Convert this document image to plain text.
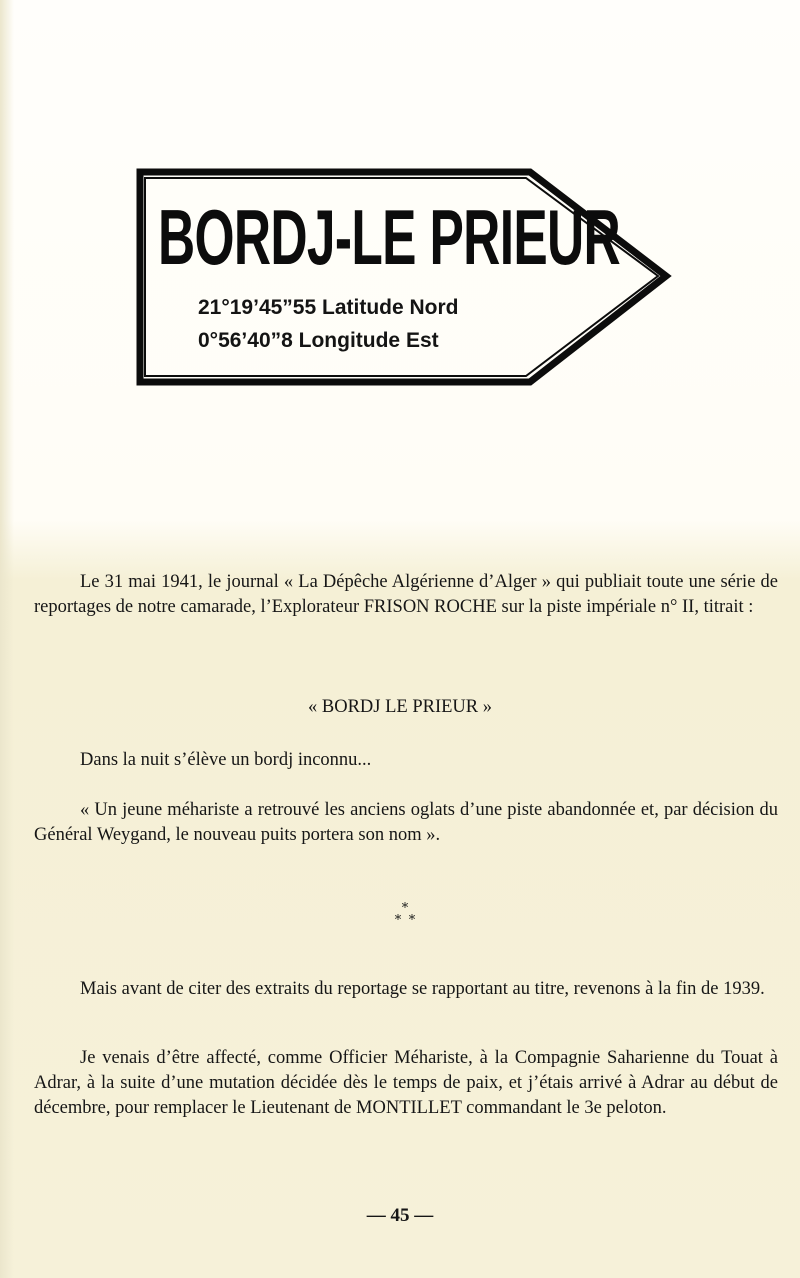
BORDJ-LE PRIEUR
21°19’45”55 Latitude Nord
0°56’40”8 Longitude Est

Le 31 mai 1941, le journal « La Dépêche Algérienne d’Alger » qui publiait toute une série de reportages de notre camarade, l’Explorateur FRISON ROCHE sur la piste impériale n° II, titrait :

« BORDJ LE PRIEUR »

Dans la nuit s’élève un bordj inconnu...

« Un jeune méhariste a retrouvé les anciens oglats d’une piste abandonnée et, par décision du Général Weygand, le nouveau puits portera son nom ».

*
* *

Mais avant de citer des extraits du reportage se rapportant au titre, revenons à la fin de 1939.

Je venais d’être affecté, comme Officier Méhariste, à la Compagnie Saharienne du Touat à Adrar, à la suite d’une mutation décidée dès le temps de paix, et j’étais arrivé à Adrar au début de décembre, pour remplacer le Lieutenant de MONTILLET commandant le 3e peloton.

— 45 —
